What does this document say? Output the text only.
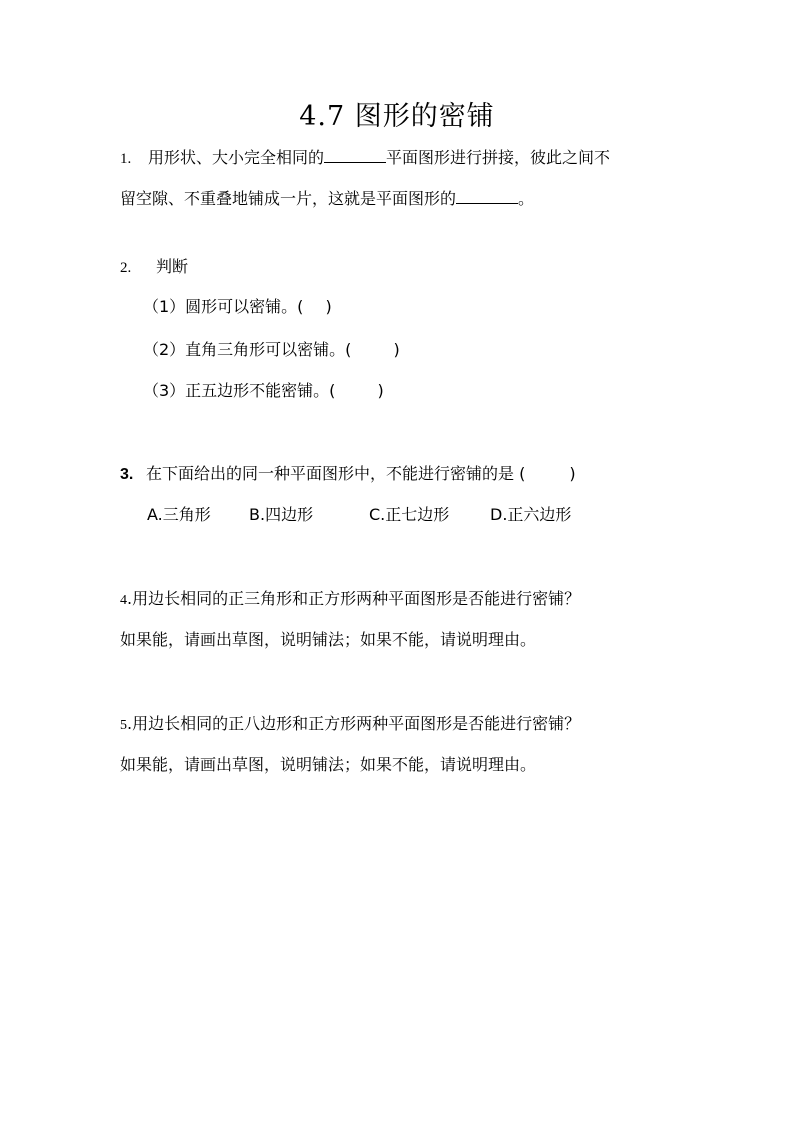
4.7 图形的密铺
1. 用形状、大小完全相同的	平面图形进行拼接，彼此之间不
留空隙、不重叠地铺成一片，这就是平面图形的	。
2. 判断
（1）圆形可以密铺。( )
（2）直角三角形可以密铺。(	)
（3）正五边形不能密铺。(	)
3. 在下面给出的同一种平面图形中，不能进行密铺的是 (	)
A.三角形 B.四边形	C.正七边形	D.正六边形
4.用边长相同的正三角形和正方形两种平面图形是否能进行密铺？
如果能，请画出草图，说明铺法；如果不能，请说明理由。
5.用边长相同的正八边形和正方形两种平面图形是否能进行密铺？
如果能，请画出草图，说明铺法；如果不能，请说明理由。
